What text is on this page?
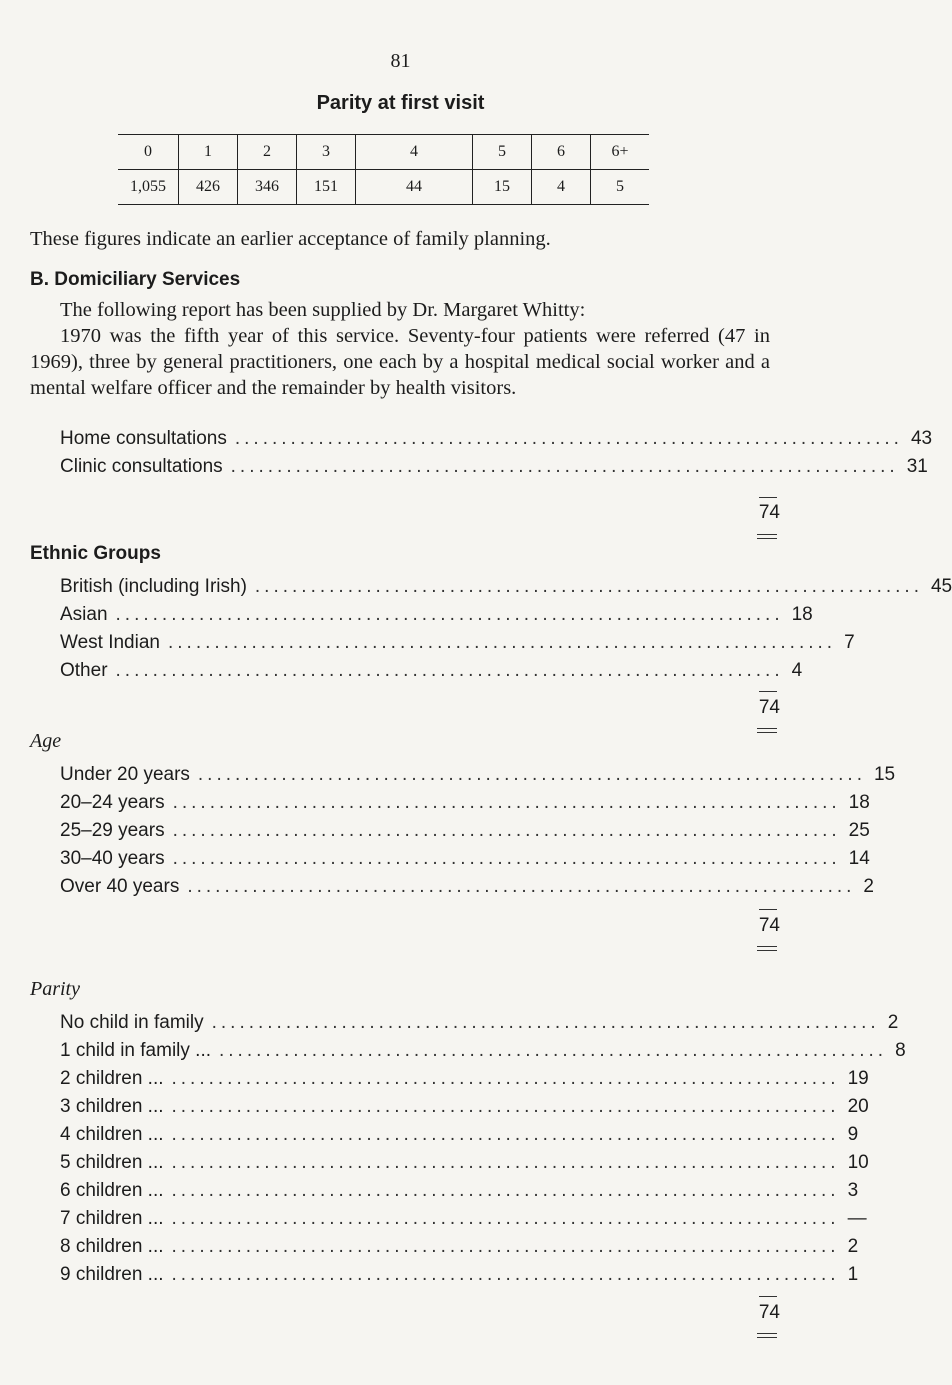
81
Parity at first visit
0	1	2	3	4	5	6	6+
1,055	426	346	151	44	15	4	5
These figures indicate an earlier acceptance of family planning.
B. Domiciliary Services
The following report has been supplied by Dr. Margaret Whitty:
1970 was the fifth year of this service. Seventy-four patients were referred (47 in 1969), three by general practitioners, one each by a hospital medical social worker and a mental welfare officer and the remainder by health visitors.
Home consultations ........................................................................ 43
Clinic consultations ........................................................................ 31
74
Ethnic Groups
British (including Irish) ........................................................................ 45
Asian ........................................................................ 18
West Indian ........................................................................ 7
Other ........................................................................ 4
74
Age
Under 20 years ........................................................................ 15
20–24 years ........................................................................ 18
25–29 years ........................................................................ 25
30–40 years ........................................................................ 14
Over 40 years ........................................................................ 2
74
Parity
No child in family ........................................................................ 2
1 child in family ... ........................................................................ 8
2 children ... ........................................................................ 19
3 children ... ........................................................................ 20
4 children ... ........................................................................ 9
5 children ... ........................................................................ 10
6 children ... ........................................................................ 3
7 children ... ........................................................................ —
8 children ... ........................................................................ 2
9 children ... ........................................................................ 1
74
